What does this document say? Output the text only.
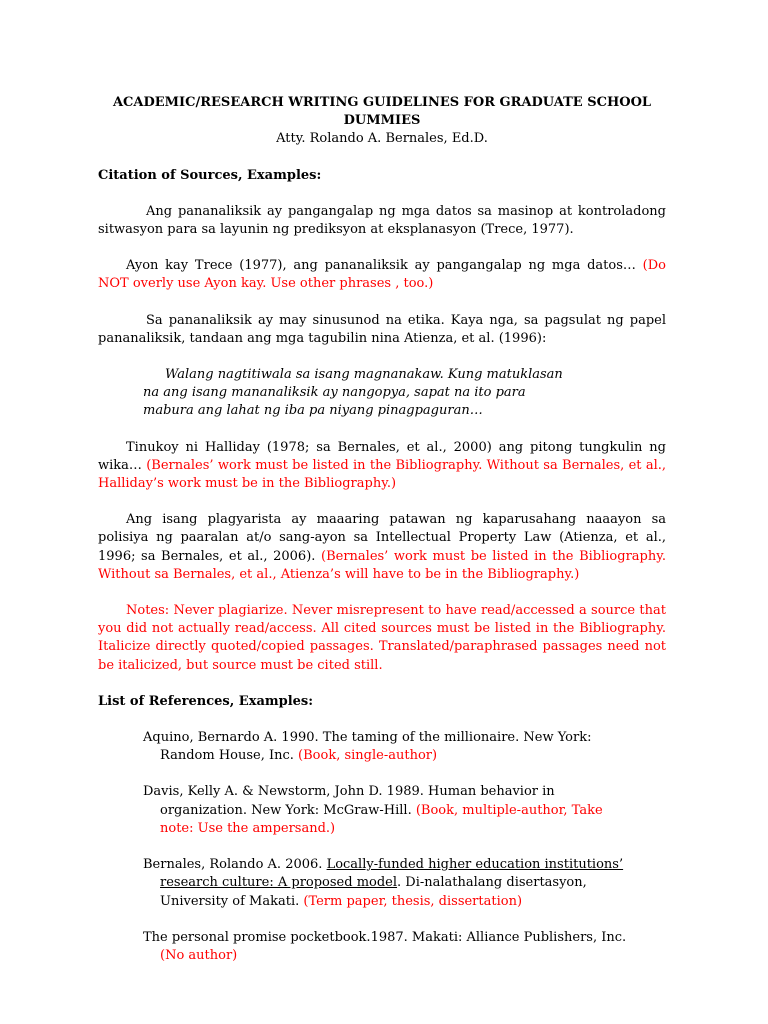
ACADEMIC/RESEARCH WRITING GUIDELINES FOR GRADUATE SCHOOL DUMMIES

Atty. Rolando A. Bernales, Ed.D.

Citation of Sources, Examples:

Ang pananaliksik ay pangangalap ng mga datos sa masinop at kontroladong sitwasyon para sa layunin ng prediksyon at eksplanasyon (Trece, 1977).

Ayon kay Trece (1977), ang pananaliksik ay pangangalap ng mga datos… (Do NOT overly use Ayon kay. Use other phrases , too.)

Sa pananaliksik ay may sinusunod na etika. Kaya nga, sa pagsulat ng papel pananaliksik, tandaan ang mga tagubilin nina Atienza, et al. (1996):

Walang nagtitiwala sa isang magnanakaw. Kung matuklasan na ang isang mananaliksik ay nangopya, sapat na ito para mabura ang lahat ng iba pa niyang pinagpaguran…

Tinukoy ni Halliday (1978; sa Bernales, et al., 2000) ang pitong tungkulin ng wika… (Bernales’ work must be listed in the Bibliography. Without sa Bernales, et al., Halliday’s work must be in the Bibliography.)

Ang isang plagyarista ay maaaring patawan ng kaparusahang naaayon sa polisiya ng paaralan at/o sang-ayon sa Intellectual Property Law (Atienza, et al., 1996; sa Bernales, et al., 2006). (Bernales’ work must be listed in the Bibliography. Without sa Bernales, et al., Atienza’s will have to be in the Bibliography.)

Notes: Never plagiarize. Never misrepresent to have read/accessed a source that you did not actually read/access. All cited sources must be listed in the Bibliography. Italicize directly quoted/copied passages. Translated/paraphrased passages need not be italicized, but source must be cited still.

List of References, Examples:

Aquino, Bernardo A. 1990. The taming of the millionaire. New York: Random House, Inc. (Book, single-author)

Davis, Kelly A. & Newstorm, John D. 1989. Human behavior in organization. New York: McGraw-Hill. (Book, multiple-author, Take note: Use the ampersand.)

Bernales, Rolando A. 2006. Locally-funded higher education institutions’ research culture: A proposed model. Di-nalathalang disertasyon, University of Makati. (Term paper, thesis, dissertation)

The personal promise pocketbook.1987. Makati: Alliance Publishers, Inc. (No author)
